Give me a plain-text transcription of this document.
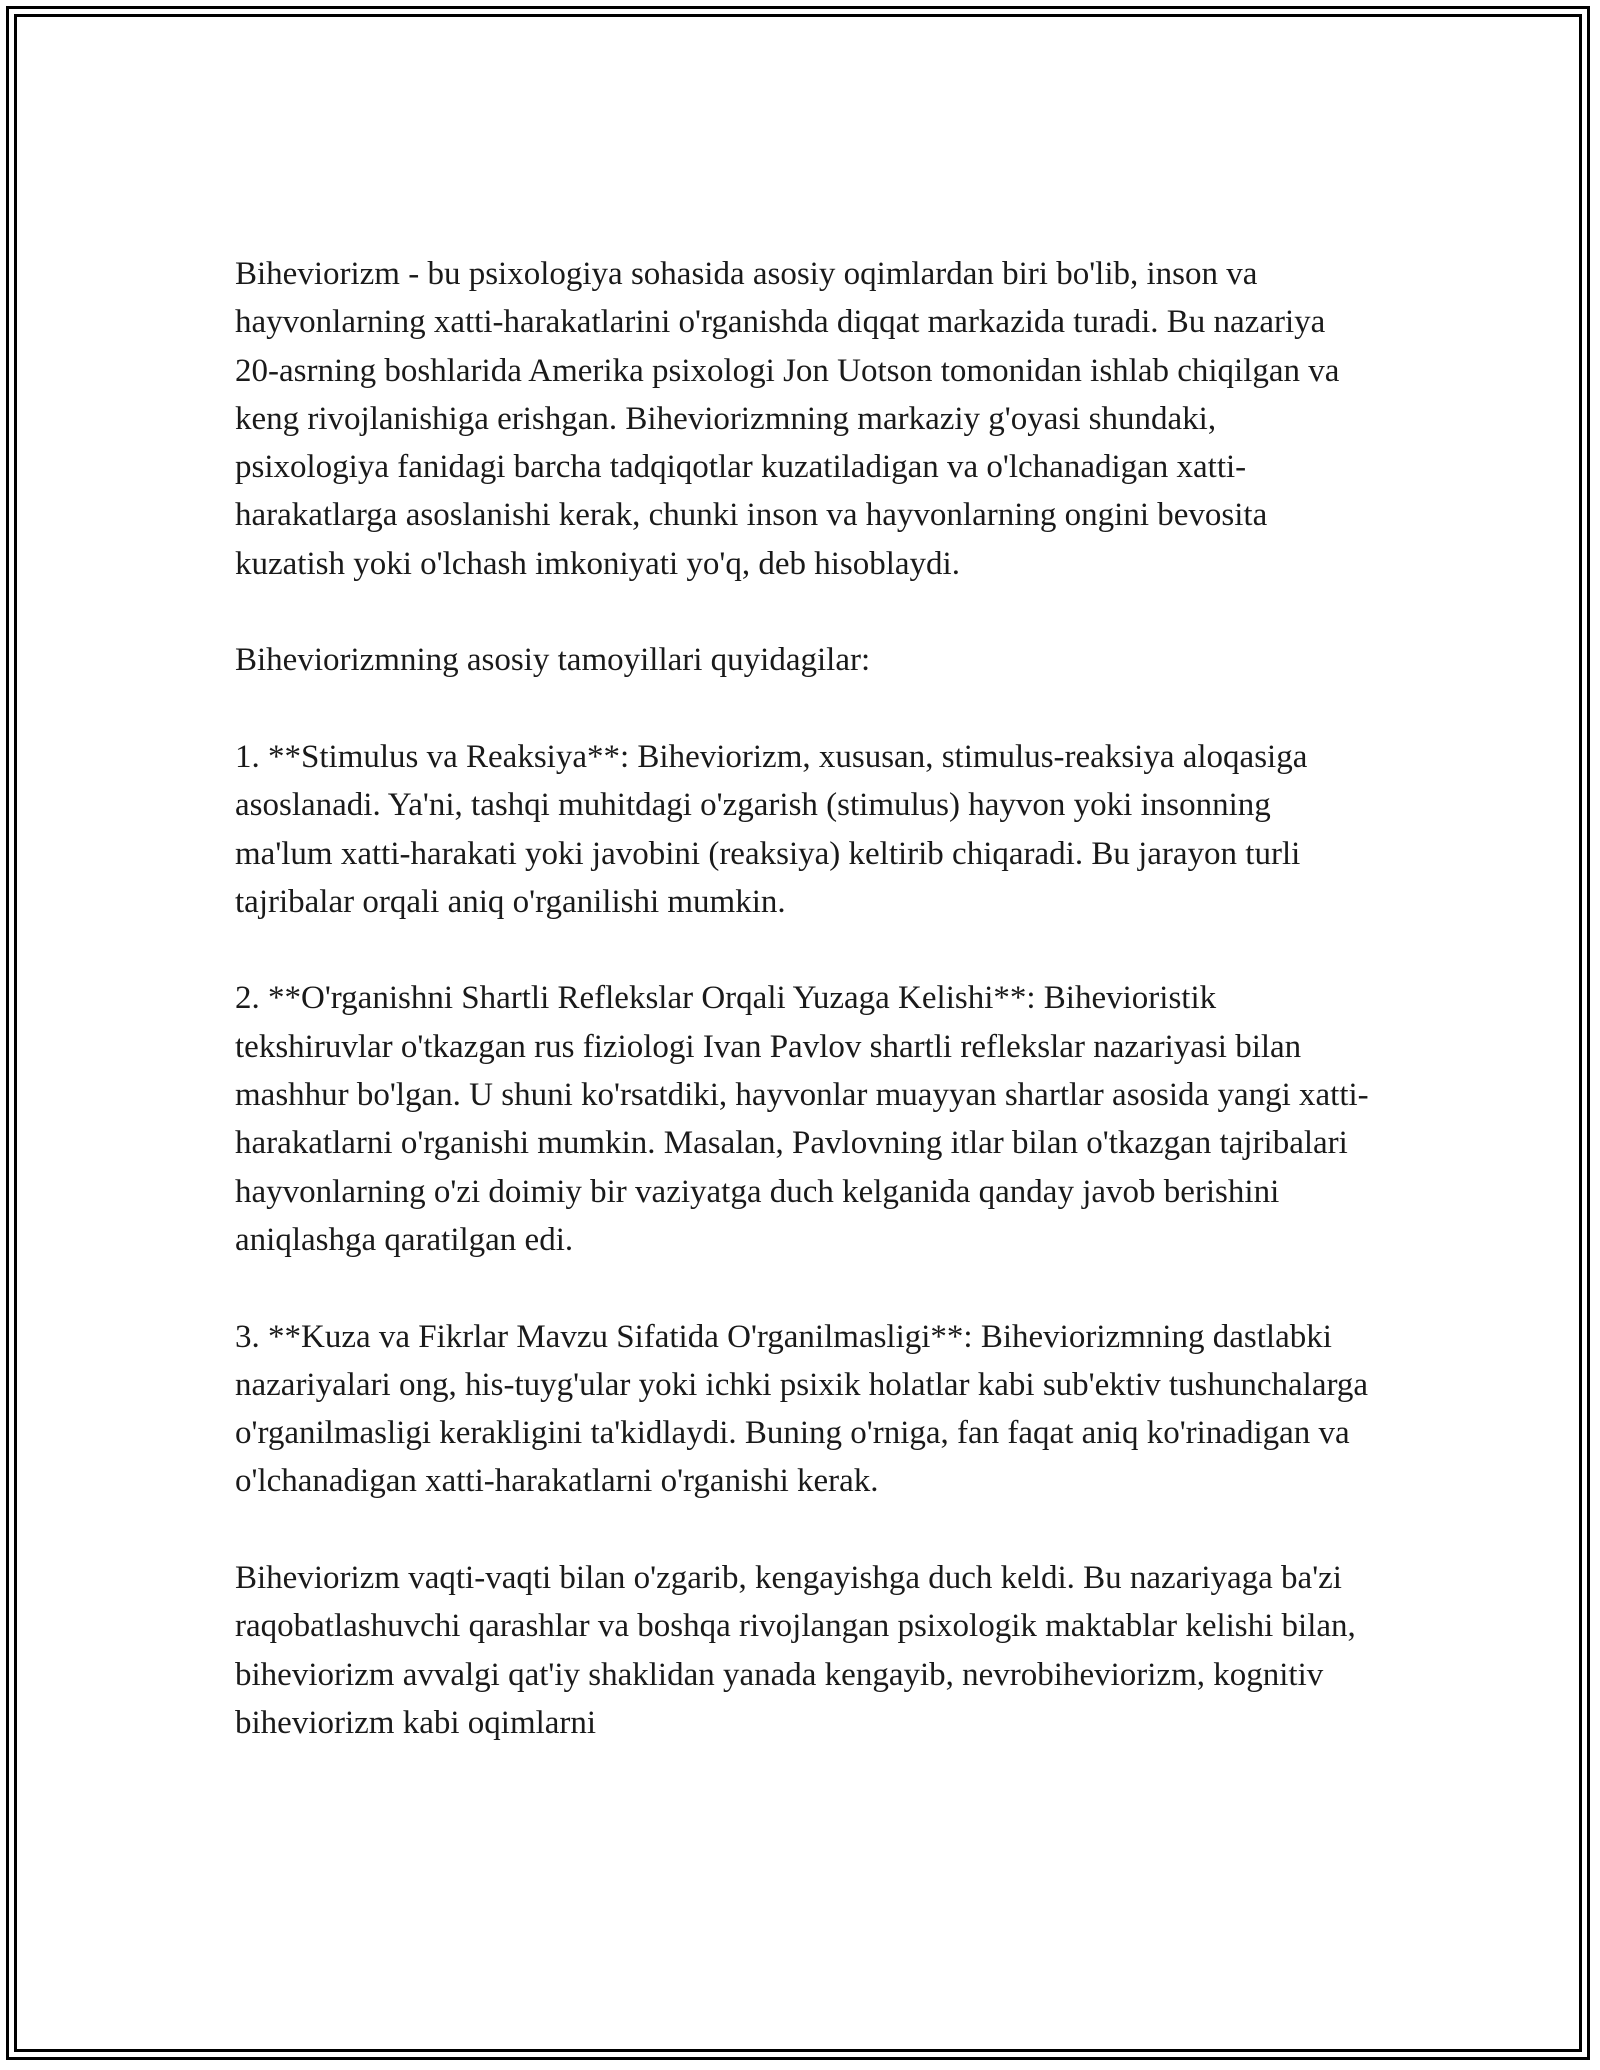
Biheviorizm - bu psixologiya sohasida asosiy oqimlardan biri bo'lib, inson va hayvonlarning xatti-harakatlarini o'rganishda diqqat markazida turadi. Bu nazariya 20-asrning boshlarida Amerika psixologi Jon Uotson tomonidan ishlab chiqilgan va keng rivojlanishiga erishgan. Biheviorizmning markaziy g'oyasi shundaki, psixologiya fanidagi barcha tadqiqotlar kuzatiladigan va o'lchanadigan xatti-harakatlarga asoslanishi kerak, chunki inson va hayvonlarning ongini bevosita kuzatish yoki o'lchash imkoniyati yo'q, deb hisoblaydi.

Biheviorizmning asosiy tamoyillari quyidagilar:

1. **Stimulus va Reaksiya**: Biheviorizm, xususan, stimulus-reaksiya aloqasiga asoslanadi. Ya'ni, tashqi muhitdagi o'zgarish (stimulus) hayvon yoki insonning ma'lum xatti-harakati yoki javobini (reaksiya) keltirib chiqaradi. Bu jarayon turli tajribalar orqali aniq o'rganilishi mumkin.

2. **O'rganishni Shartli Reflekslar Orqali Yuzaga Kelishi**: Bihevioristik tekshiruvlar o'tkazgan rus fiziologi Ivan Pavlov shartli reflekslar nazariyasi bilan mashhur bo'lgan. U shuni ko'rsatdiki, hayvonlar muayyan shartlar asosida yangi xatti-harakatlarni o'rganishi mumkin. Masalan, Pavlovning itlar bilan o'tkazgan tajribalari hayvonlarning o'zi doimiy bir vaziyatga duch kelganida qanday javob berishini aniqlashga qaratilgan edi.

3. **Kuza va Fikrlar Mavzu Sifatida O'rganilmasligi**: Biheviorizmning dastlabki nazariyalari ong, his-tuyg'ular yoki ichki psixik holatlar kabi sub'ektiv tushunchalarga o'rganilmasligi kerakligini ta'kidlaydi. Buning o'rniga, fan faqat aniq ko'rinadigan va o'lchanadigan xatti-harakatlarni o'rganishi kerak.

Biheviorizm vaqti-vaqti bilan o'zgarib, kengayishga duch keldi. Bu nazariyaga ba'zi raqobatlashuvchi qarashlar va boshqa rivojlangan psixologik maktablar kelishi bilan, biheviorizm avvalgi qat'iy shaklidan yanada kengayib, nevrobiheviorizm, kognitiv biheviorizm kabi oqimlarni
